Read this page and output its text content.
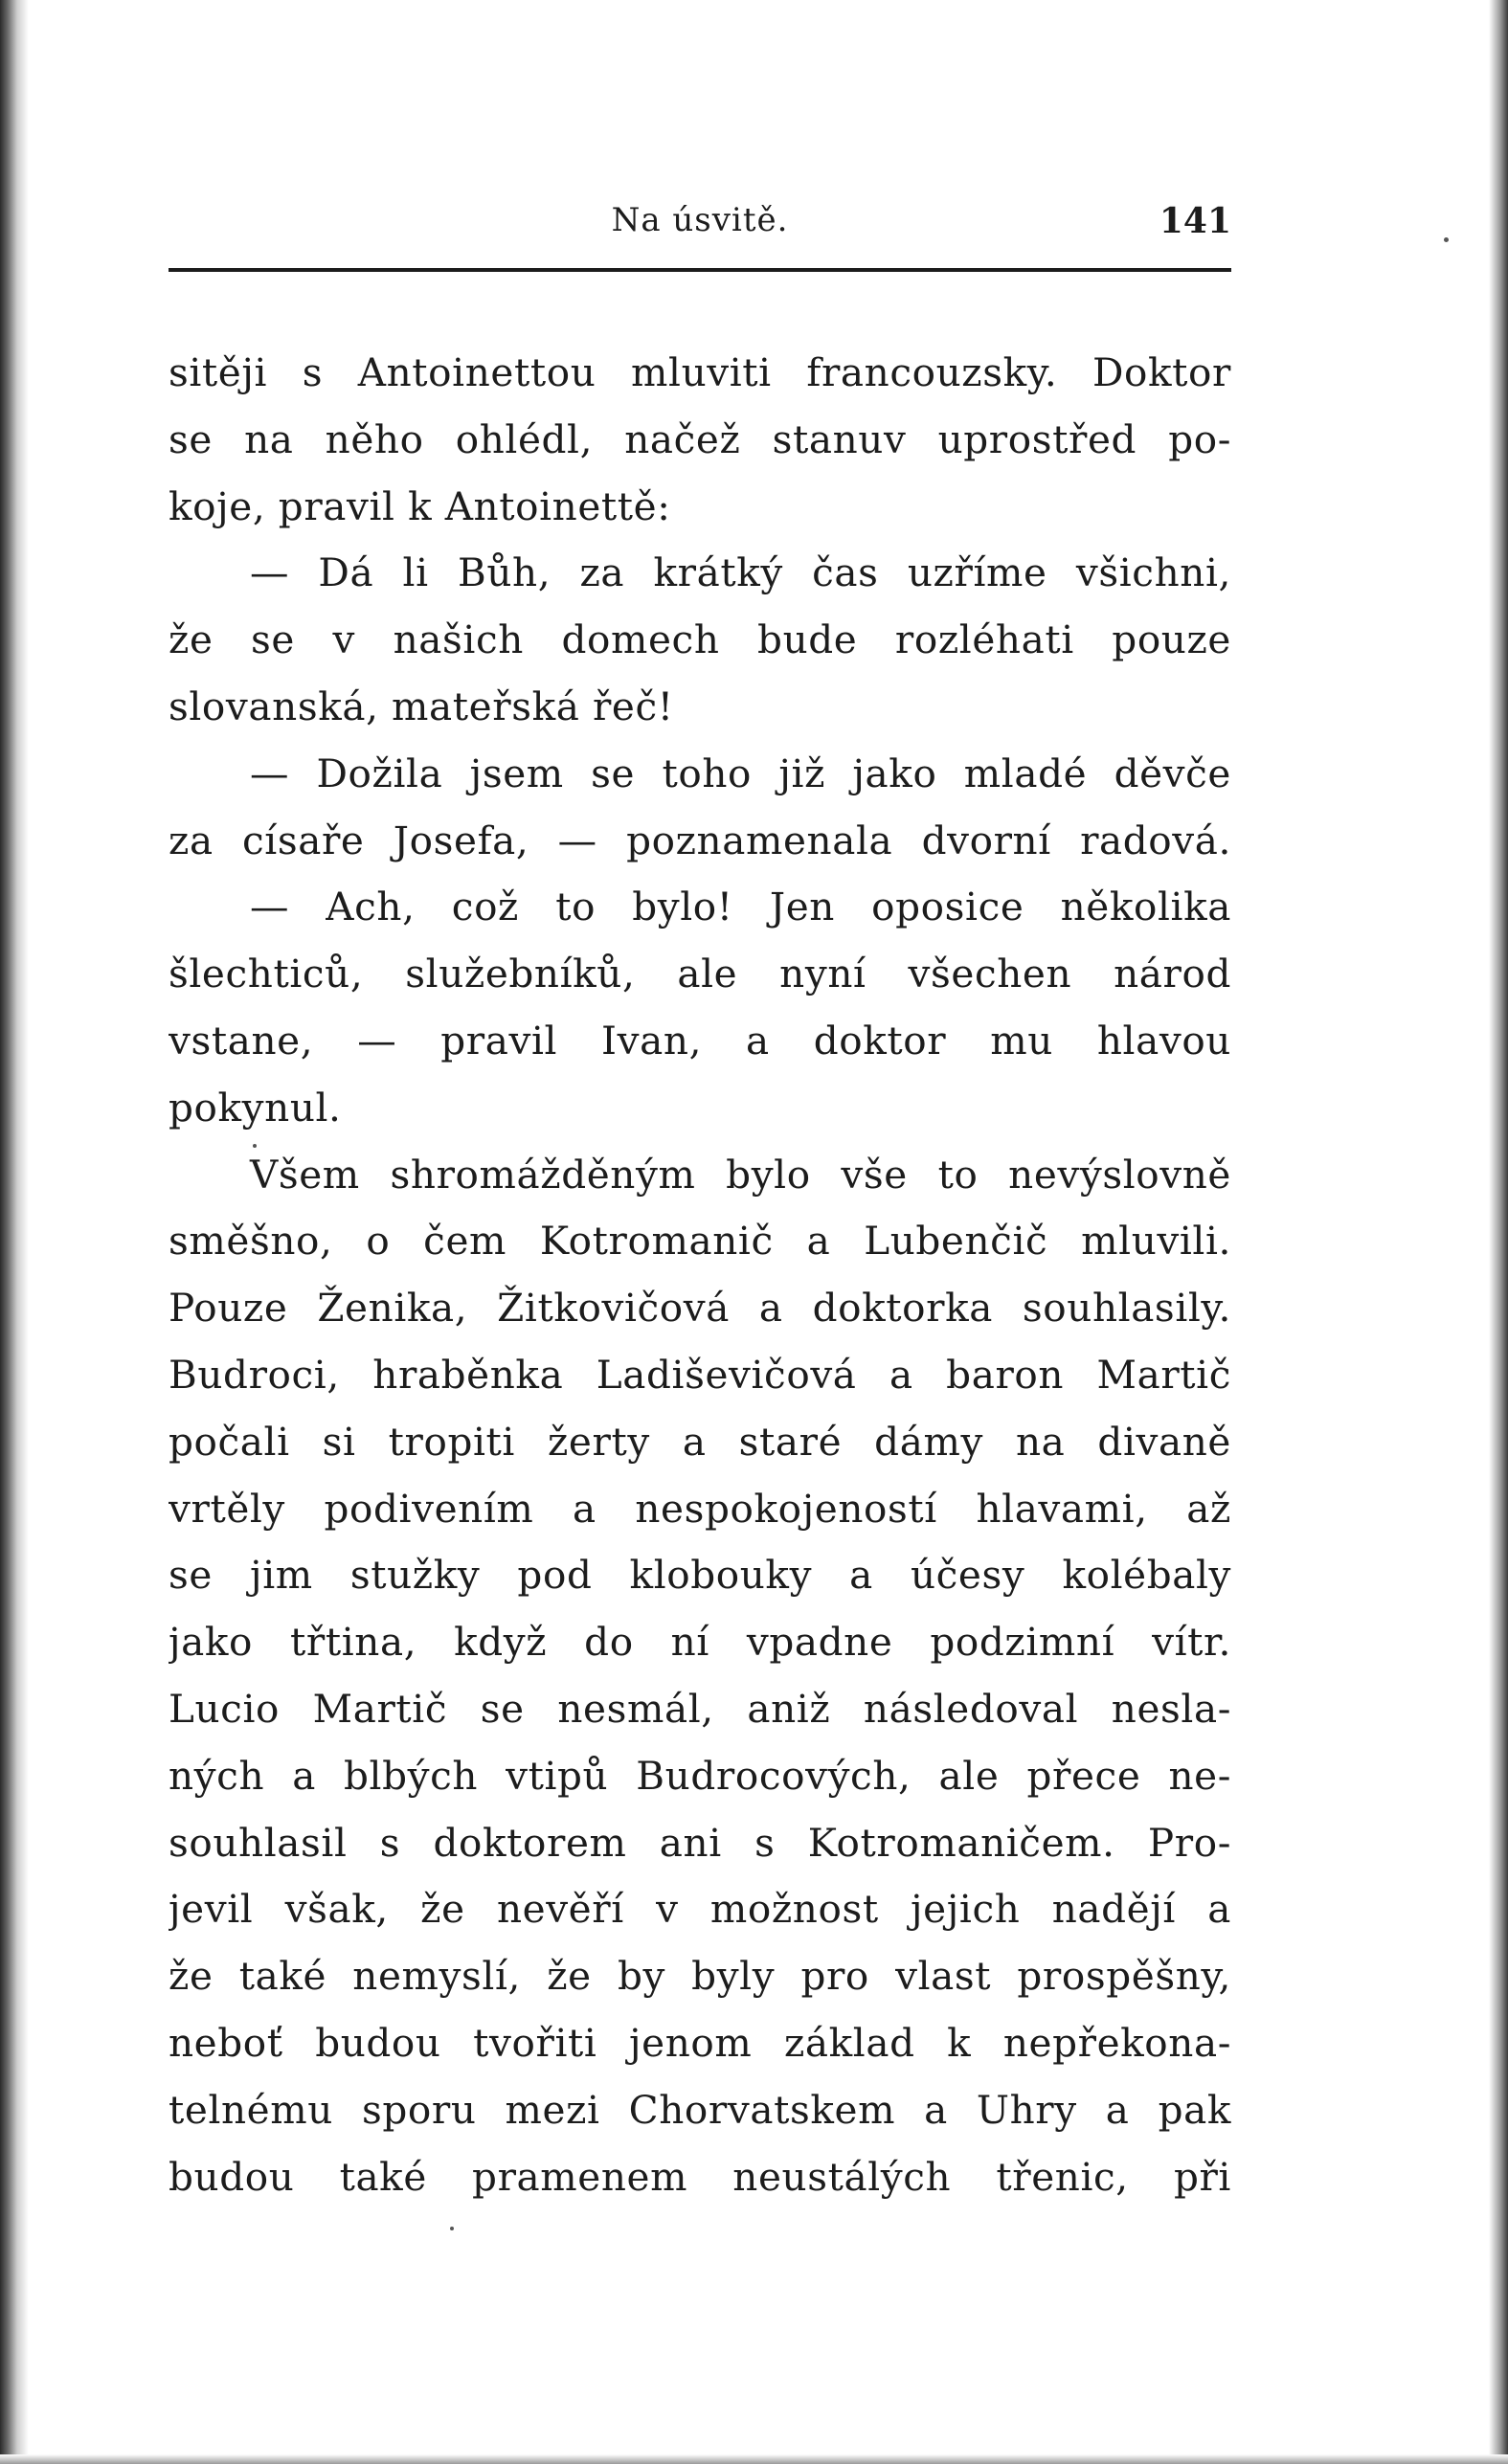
Na úsvitě.	141
sitěji s Antoinettou mluviti francouzsky. Doktor
se na něho ohlédl, načež stanuv uprostřed po-
koje, pravil k Antoinettě:
— Dá li Bůh, za krátký čas uzříme všichni,
že se v našich domech bude rozléhati pouze
slovanská, mateřská řeč!
— Dožila jsem se toho již jako mladé děvče
za císaře Josefa, — poznamenala dvorní radová.
— Ach, což to bylo! Jen oposice několika
šlechticů, služebníků, ale nyní všechen národ
vstane, — pravil Ivan, a doktor mu hlavou
pokynul.
Všem shromážděným bylo vše to nevýslovně
směšno, o čem Kotromanič a Lubenčič mluvili.
Pouze Ženika, Žitkovičová a doktorka souhlasily.
Budroci, hraběnka Ladiševičová a baron Martič
počali si tropiti žerty a staré dámy na divaně
vrtěly podivením a nespokojeností hlavami, až
se jim stužky pod klobouky a účesy kolébaly
jako třtina, když do ní vpadne podzimní vítr.
Lucio Martič se nesmál, aniž následoval nesla-
ných a blbých vtipů Budrocových, ale přece ne-
souhlasil s doktorem ani s Kotromaničem. Pro-
jevil však, že nevěří v možnost jejich nadějí a
že také nemyslí, že by byly pro vlast prospěšny,
neboť budou tvořiti jenom základ k nepřekona-
telnému sporu mezi Chorvatskem a Uhry a pak
budou také pramenem neustálých třenic, při
